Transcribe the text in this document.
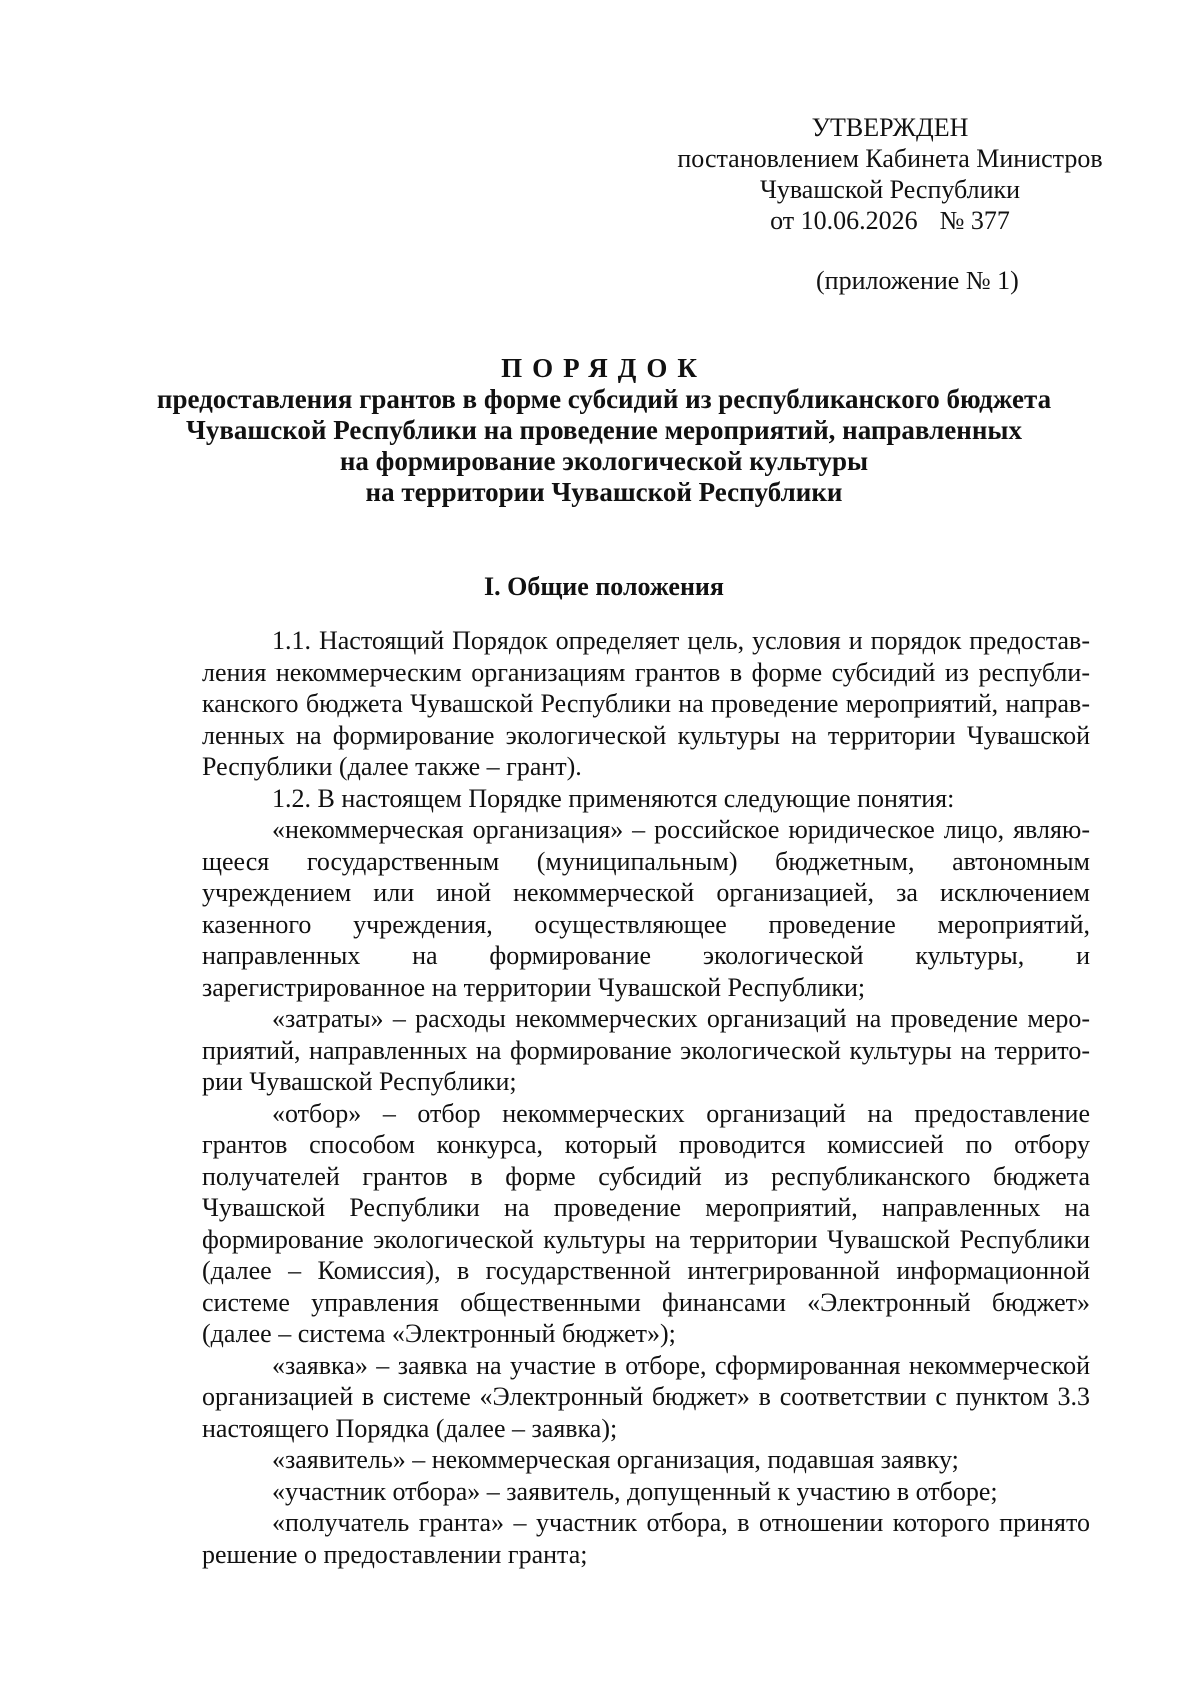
УТВЕРЖДЕН
постановлением Кабинета Министров
Чувашской Республики
от 10.06.2026 № 377
(приложение № 1)
ПОРЯДОК
предоставления грантов в форме субсидий из республиканского бюджета
Чувашской Республики на проведение мероприятий, направленных
на формирование экологической культуры
на территории Чувашской Республики
I. Общие положения

1.1. Настоящий Порядок определяет цель, условия и порядок предоставления некоммерческим организациям грантов в форме субсидий из республиканского бюджета Чувашской Республики на проведение мероприятий, направленных на формирование экологической культуры на территории Чувашской Республики (далее также – грант).

1.2. В настоящем Порядке применяются следующие понятия:

«некоммерческая организация» – российское юридическое лицо, являющееся государственным (муниципальным) бюджетным, автономным учреждением или иной некоммерческой организацией, за исключением казенного учреждения, осуществляющее проведение мероприятий, направленных на формирование экологической культуры, и зарегистрированное на территории Чувашской Республики;

«затраты» – расходы некоммерческих организаций на проведение мероприятий, направленных на формирование экологической культуры на территории Чувашской Республики;

«отбор» – отбор некоммерческих организаций на предоставление грантов способом конкурса, который проводится комиссией по отбору получателей грантов в форме субсидий из республиканского бюджета Чувашской Республики на проведение мероприятий, направленных на формирование экологической культуры на территории Чувашской Республики (далее – Комиссия), в государственной интегрированной информационной системе управления общественными финансами «Электронный бюджет» (далее – система «Электронный бюджет»);

«заявка» – заявка на участие в отборе, сформированная некоммерческой организацией в системе «Электронный бюджет» в соответствии с пунктом 3.3 настоящего Порядка (далее – заявка);

«заявитель» – некоммерческая организация, подавшая заявку;

«участник отбора» – заявитель, допущенный к участию в отборе;

«получатель гранта» – участник отбора, в отношении которого принято решение о предоставлении гранта;
